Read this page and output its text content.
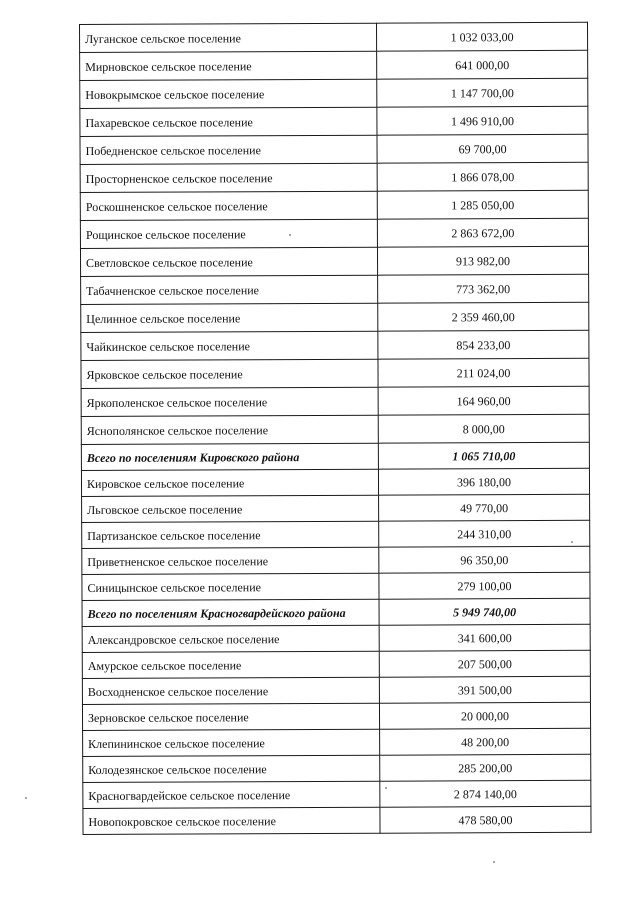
Луганское сельское поселение	1 032 033,00
Мирновское сельское поселение	641 000,00
Новокрымское сельское поселение	1 147 700,00
Пахаревское сельское поселение	1 496 910,00
Победненское сельское поселение	69 700,00
Просторненское сельское поселение	1 866 078,00
Роскошненское сельское поселение	1 285 050,00
Рощинское сельское поселение	2 863 672,00
Светловское сельское поселение	913 982,00
Табачненское сельское поселение	773 362,00
Целинное сельское поселение	2 359 460,00
Чайкинское сельское поселение	854 233,00
Ярковское сельское поселение	211 024,00
Яркополенское сельское поселение	164 960,00
Яснополянское сельское поселение	8 000,00
Всего по поселениям Кировского района	1 065 710,00
Кировское сельское поселение	396 180,00
Льговское сельское поселение	49 770,00
Партизанское сельское поселение	244 310,00
Приветненское сельское поселение	96 350,00
Синицынское сельское поселение	279 100,00
Всего по поселениям Красногвардейского района	5 949 740,00
Александровское сельское поселение	341 600,00
Амурское сельское поселение	207 500,00
Восходненское сельское поселение	391 500,00
Зерновское сельское поселение	20 000,00
Клепининское сельское поселение	48 200,00
Колодезянское сельское поселение	285 200,00
Красногвардейское сельское поселение	2 874 140,00
Новопокровское сельское поселение	478 580,00
